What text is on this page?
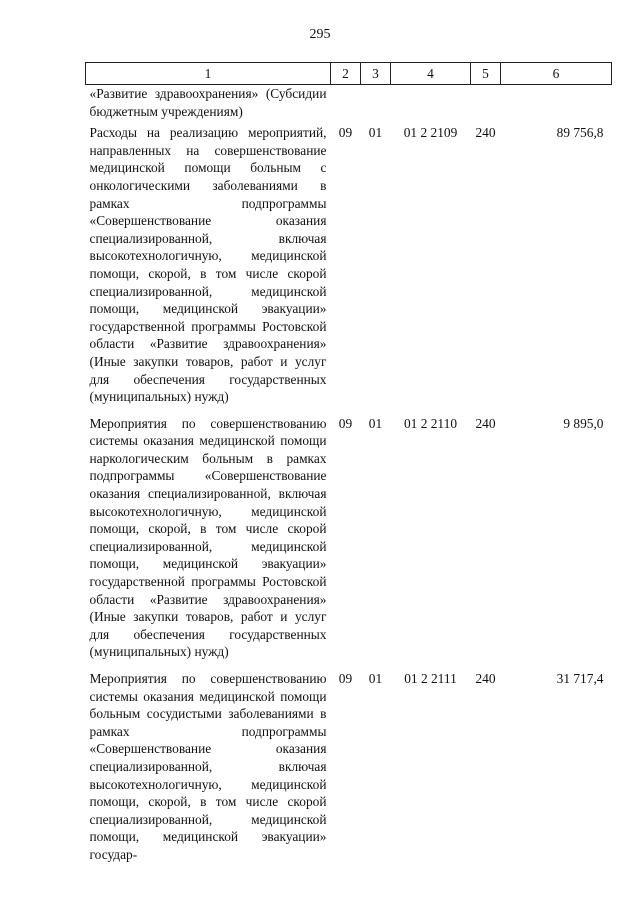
295
1	2	3	4	5	6
«Развитие здравоохранения» (Субсидии бюджетным учреждениям)					
Расходы на реализацию мероприятий, направленных на совершенствование медицинской помощи больным с онкологическими заболеваниями в рамках подпрограммы «Совершенствование оказания специализированной, включая высокотехнологичную, медицинской помощи, скорой, в том числе скорой специализированной, медицинской помощи, медицинской эвакуации» государственной программы Ростовской области «Развитие здравоохранения» (Иные закупки товаров, работ и услуг для обеспечения государственных (муниципальных) нужд)	09	01	01 2 2109	240	89 756,8
Мероприятия по совершенствованию системы оказания медицинской помощи наркологическим больным в рамках подпрограммы «Совершенствование оказания специализированной, включая высокотехнологичную, медицинской помощи, скорой, в том числе скорой специализированной, медицинской помощи, медицинской эвакуации» государственной программы Ростовской области «Развитие здравоохранения» (Иные закупки товаров, работ и услуг для обеспечения государственных (муниципальных) нужд)	09	01	01 2 2110	240	9 895,0
Мероприятия по совершенствованию системы оказания медицинской помощи больным сосудистыми заболеваниями в рамках подпрограммы «Совершенствование оказания специализированной, включая высокотехнологичную, медицинской помощи, скорой, в том числе скорой специализированной, медицинской помощи, медицинской эвакуации» государ-	09	01	01 2 2111	240	31 717,4
